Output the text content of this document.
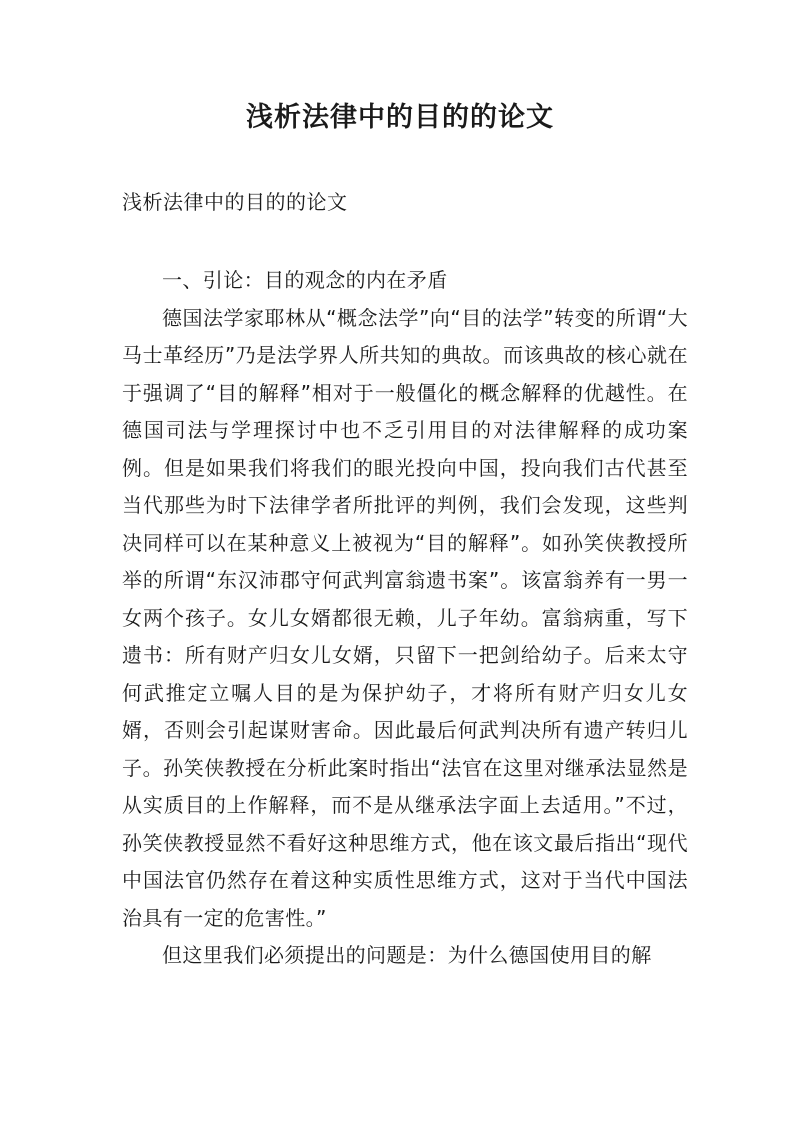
浅析法律中的目的的论文
浅析法律中的目的的论文

一、引论：目的观念的内在矛盾

德国法学家耶林从“概念法学”向“目的法学”转变的所谓“大马士革经历”乃是法学界人所共知的典故。而该典故的核心就在于强调了“目的解释”相对于一般僵化的概念解释的优越性。在德国司法与学理探讨中也不乏引用目的对法律解释的成功案例。但是如果我们将我们的眼光投向中国，投向我们古代甚至当代那些为时下法律学者所批评的判例，我们会发现，这些判决同样可以在某种意义上被视为“目的解释”。如孙笑侠教授所举的所谓“东汉沛郡守何武判富翁遗书案”。该富翁养有一男一女两个孩子。女儿女婿都很无赖，儿子年幼。富翁病重，写下遗书：所有财产归女儿女婿，只留下一把剑给幼子。后来太守何武推定立嘱人目的是为保护幼子，才将所有财产归女儿女婿，否则会引起谋财害命。因此最后何武判决所有遗产转归儿子。孙笑侠教授在分析此案时指出“法官在这里对继承法显然是从实质目的上作解释，而不是从继承法字面上去适用。”不过，孙笑侠教授显然不看好这种思维方式，他在该文最后指出“现代中国法官仍然存在着这种实质性思维方式，这对于当代中国法治具有一定的危害性。”

但这里我们必须提出的问题是：为什么德国使用目的解
